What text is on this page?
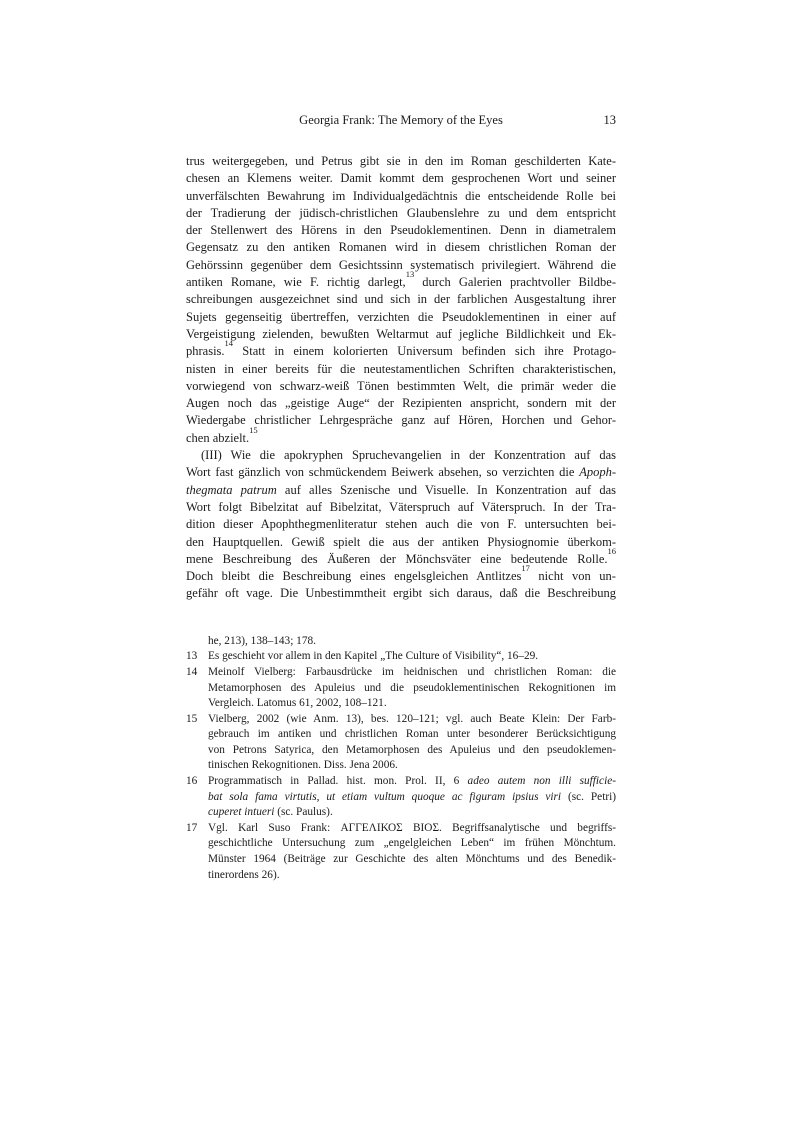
Georgia Frank: The Memory of the Eyes	13
trus weitergegeben, und Petrus gibt sie in den im Roman geschilderten Kate-
chesen an Klemens weiter. Damit kommt dem gesprochenen Wort und seiner
unverfälschten Bewahrung im Individualgedächtnis die entscheidende Rolle bei
der Tradierung der jüdisch-christlichen Glaubenslehre zu und dem entspricht
der Stellenwert des Hörens in den Pseudoklementinen. Denn in diametralem
Gegensatz zu den antiken Romanen wird in diesem christlichen Roman der
Gehörssinn gegenüber dem Gesichtssinn systematisch privilegiert. Während die
antiken Romane, wie F. richtig darlegt,$^{13}$ durch Galerien prachtvoller Bildbe-
schreibungen ausgezeichnet sind und sich in der farblichen Ausgestaltung ihrer
Sujets gegenseitig übertreffen, verzichten die Pseudoklementinen in einer auf
Vergeistigung zielenden, bewußten Weltarmut auf jegliche Bildlichkeit und Ek-
phrasis.$^{14}$ Statt in einem kolorierten Universum befinden sich ihre Protago-
nisten in einer bereits für die neutestamentlichen Schriften charakteristischen,
vorwiegend von schwarz-weiß Tönen bestimmten Welt, die primär weder die
Augen noch das „geistige Auge“ der Rezipienten anspricht, sondern mit der
Wiedergabe christlicher Lehrgespräche ganz auf Hören, Horchen und Gehor-
chen abzielt.$^{15}$
(III) Wie die apokryphen Spruchevangelien in der Konzentration auf das
Wort fast gänzlich von schmückendem Beiwerk absehen, so verzichten die Apoph-
thegmata patrum auf alles Szenische und Visuelle. In Konzentration auf das
Wort folgt Bibelzitat auf Bibelzitat, Väterspruch auf Väterspruch. In der Tra-
dition dieser Apophthegmenliteratur stehen auch die von F. untersuchten bei-
den Hauptquellen. Gewiß spielt die aus der antiken Physiognomie überkom-
mene Beschreibung des Äußeren der Mönchsväter eine bedeutende Rolle.$^{16}$
Doch bleibt die Beschreibung eines engelsgleichen Antlitzes$^{17}$ nicht von un-
gefähr oft vage. Die Unbestimmtheit ergibt sich daraus, daß die Beschreibung
he, 213), 138–143; 178.
13 Es geschieht vor allem in den Kapitel „The Culture of Visibility“, 16–29.
14 Meinolf Vielberg: Farbausdrücke im heidnischen und christlichen Roman: die
Metamorphosen des Apuleius und die pseudoklementinischen Rekognitionen im
Vergleich. Latomus 61, 2002, 108–121.
15 Vielberg, 2002 (wie Anm. 13), bes. 120–121; vgl. auch Beate Klein: Der Farb-
gebrauch im antiken und christlichen Roman unter besonderer Berücksichtigung
von Petrons Satyrica, den Metamorphosen des Apuleius und den pseudoklemen-
tinischen Rekognitionen. Diss. Jena 2006.
16 Programmatisch in Pallad. hist. mon. Prol. II, 6 adeo autem non illi sufficie-
bat sola fama virtutis, ut etiam vultum quoque ac figuram ipsius viri (sc. Petri)
cuperet intueri (sc. Paulus).
17 Vgl. Karl Suso Frank: ΑΓΓΕΛΙΚΟΣ ΒΙΟΣ. Begriffsanalytische und begriffs-
geschichtliche Untersuchung zum „engelgleichen Leben“ im frühen Mönchtum.
Münster 1964 (Beiträge zur Geschichte des alten Mönchtums und des Benedik-
tinerordens 26).
